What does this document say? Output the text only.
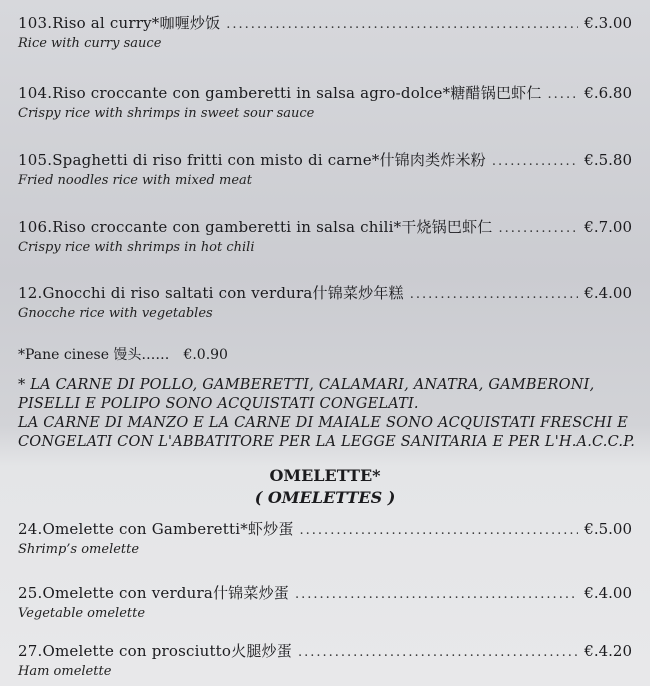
103.Riso al curry*咖喱炒饭 .....	€.3.00
Rice with curry sauce
104.Riso croccante con gamberetti in salsa agro-dolce*糖醋锅巴虾仁 .....	€.6.80
Crispy rice with shrimps in sweet sour sauce
105.Spaghetti di riso fritti con misto di carne*什锦肉类炸米粉 .....	€.5.80
Fried noodles rice with mixed meat
106.Riso croccante con gamberetti in salsa chili*干烧锅巴虾仁 .....	€.7.00
Crispy rice with shrimps in hot chili
12.Gnocchi di riso saltati con verdura什锦菜炒年糕 .....	€.4.00
Gnocche rice with vegetables
*Pane cinese 馒头…… €.0.90
* LA CARNE DI POLLO, GAMBERETTI, CALAMARI, ANATRA, GAMBERONI,
PISELLI E POLIPO SONO ACQUISTATI CONGELATI.
LA CARNE DI MANZO E LA CARNE DI MAIALE SONO ACQUISTATI FRESCHI E
CONGELATI CON L'ABBATITORE PER LA LEGGE SANITARIA E PER L'H.A.C.C.P.
OMELETTE*
( OMELETTES )
24.Omelette con Gamberetti*虾炒蛋 .....	€.5.00
Shrimp’s omelette
25.Omelette con verdura什锦菜炒蛋 .....	€.4.00
Vegetable omelette
27.Omelette con prosciutto火腿炒蛋 .....	€.4.20
Ham omelette
